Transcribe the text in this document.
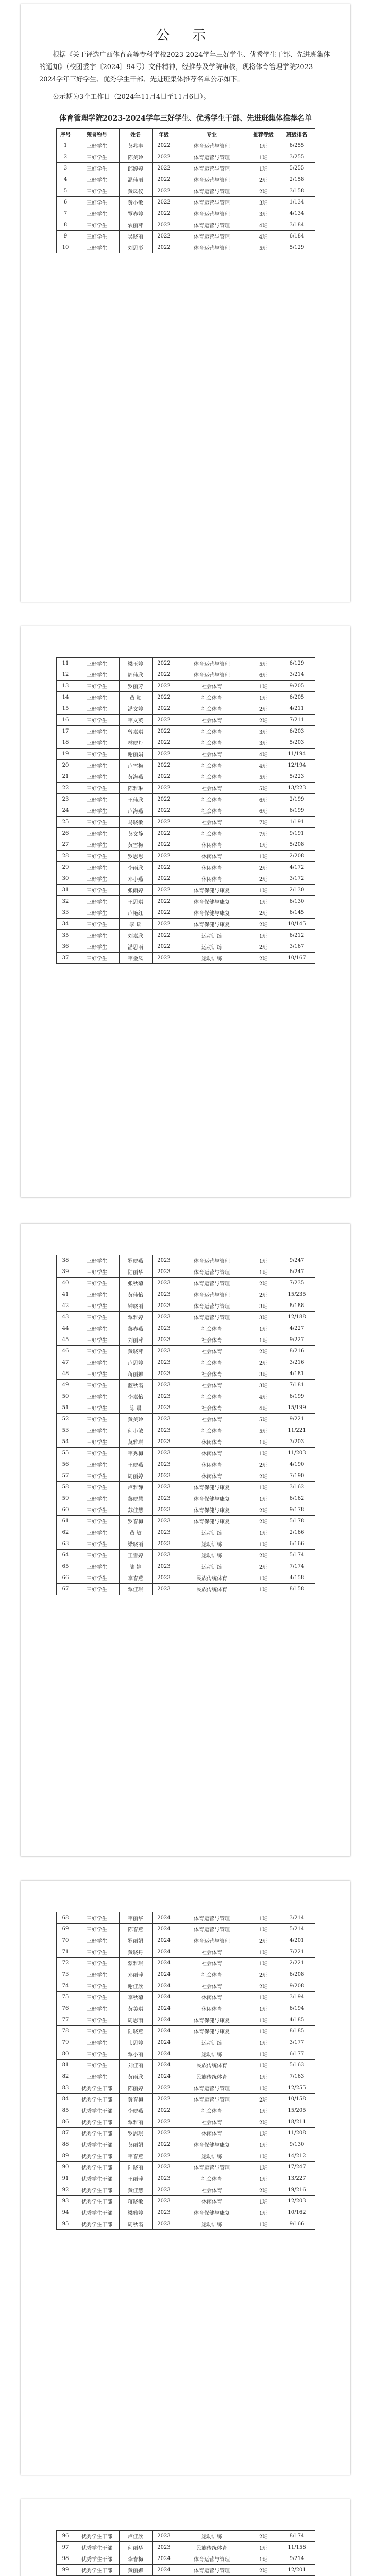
公 示
根据《关于评选广西体育高等专科学校2023-2024学年三好学生、优秀学生干部、先进班集体的通知》（校团委字〔2024〕94号）文件精神，经推荐及学院审核，现将体育管理学院2023-2024学年三好学生、优秀学生干部、先进班集体推荐名单公示如下。
公示期为3个工作日（2024年11月4日至11月6日）。
体育管理学院2023-2024学年三好学生、优秀学生干部、先进班集体推荐名单
序号	荣誉称号	姓名	年级	专业	推荐等级	班级排名
1	三好学生	莫兆丰	2022	体育运营与管理	1班	6/255
2	三好学生	陈美玲	2022	体育运营与管理	1班	3/255
3	三好学生	邱婷婷	2022	体育运营与管理	1班	5/255
4	三好学生	温佳丽	2022	体育运营与管理	2班	2/158
5	三好学生	黄凤仪	2022	体育运营与管理	2班	3/158
6	三好学生	黄小敏	2022	体育运营与管理	3班	1/134
7	三好学生	覃春婷	2022	体育运营与管理	3班	4/134
8	三好学生	农丽萍	2022	体育运营与管理	4班	3/184
9	三好学生	吴晓丽	2022	体育运营与管理	4班	6/184
10	三好学生	刘思彤	2022	体育运营与管理	5班	5/129
11	三好学生	梁玉婷	2022	体育运营与管理	5班	6/129
12	三好学生	周佳欣	2022	体育运营与管理	6班	3/214
13	三好学生	罗丽芳	2022	社会体育	1班	9/205
14	三好学生	黄 颖	2022	社会体育	1班	6/205
15	三好学生	潘文婷	2022	社会体育	2班	4/211
16	三好学生	韦文英	2022	社会体育	2班	7/211
17	三好学生	曾嘉琪	2022	社会体育	3班	6/203
18	三好学生	林晓丹	2022	社会体育	3班	5/203
19	三好学生	谢丽娟	2022	社会体育	4班	11/194
20	三好学生	卢雪梅	2022	社会体育	4班	12/194
21	三好学生	黄海燕	2022	社会体育	5班	5/223
22	三好学生	陈雅琳	2022	社会体育	5班	13/223
23	三好学生	王佳欣	2022	社会体育	6班	2/199
24	三好学生	卢海燕	2022	社会体育	6班	6/199
25	三好学生	马晓敏	2022	社会体育	7班	1/191
26	三好学生	莫文静	2022	社会体育	7班	9/191
27	三好学生	黄雪梅	2022	休闲体育	1班	5/208
28	三好学生	罗思思	2022	休闲体育	1班	2/208
29	三好学生	李雨欣	2022	休闲体育	2班	4/172
30	三好学生	邓小燕	2022	休闲体育	2班	3/172
31	三好学生	张雨婷	2022	体育保健与康复	1班	2/130
32	三好学生	王思琪	2022	体育保健与康复	1班	6/130
33	三好学生	卢艳红	2022	体育保健与康复	2班	6/145
34	三好学生	李 瑶	2022	体育保健与康复	2班	10/145
35	三好学生	刘嘉欣	2022	运动训练	1班	6/212
36	三好学生	潘思雨	2022	运动训练	2班	3/167
37	三好学生	韦金凤	2022	运动训练	2班	10/167
38	三好学生	罗晓燕	2023	体育运营与管理	1班	9/247
39	三好学生	陆丽华	2023	体育运营与管理	1班	6/247
40	三好学生	张秋菊	2023	体育运营与管理	2班	7/235
41	三好学生	黄佳怡	2023	体育运营与管理	2班	15/235
42	三好学生	钟晓丽	2023	体育运营与管理	3班	8/188
43	三好学生	覃雅婷	2023	体育运营与管理	3班	12/188
44	三好学生	黎春燕	2023	社会体育	1班	4/227
45	三好学生	刘丽萍	2023	社会体育	1班	9/227
46	三好学生	黄晓萍	2023	社会体育	2班	8/216
47	三好学生	卢思婷	2023	社会体育	2班	3/216
48	三好学生	蒋丽娜	2023	社会体育	3班	4/181
49	三好学生	蓝秋霞	2023	社会体育	3班	7/181
50	三好学生	李嘉怡	2023	社会体育	4班	6/199
51	三好学生	陈 晨	2023	社会体育	4班	15/199
52	三好学生	黄美玲	2023	社会体育	5班	9/221
53	三好学生	何小敏	2023	社会体育	5班	11/221
54	三好学生	莫雅琪	2023	休闲体育	1班	3/203
55	三好学生	韦秀梅	2023	休闲体育	1班	11/203
56	三好学生	王晓燕	2023	休闲体育	2班	4/190
57	三好学生	周丽婷	2023	休闲体育	2班	7/190
58	三好学生	卢雅静	2023	体育保健与康复	1班	3/162
59	三好学生	黎晓慧	2023	体育保健与康复	1班	6/162
60	三好学生	苏佳慧	2023	体育保健与康复	2班	9/178
61	三好学生	罗春梅	2023	体育保健与康复	2班	5/178
62	三好学生	黄 敏	2023	运动训练	1班	2/166
63	三好学生	梁晓丽	2023	运动训练	1班	6/166
64	三好学生	王雪婷	2023	运动训练	2班	5/174
65	三好学生	陆 婷	2023	运动训练	2班	7/174
66	三好学生	李春燕	2023	民族传统体育	1班	4/158
67	三好学生	覃佳琪	2023	民族传统体育	1班	8/158
68	三好学生	韦丽华	2024	体育运营与管理	1班	3/214
69	三好学生	陈春燕	2024	体育运营与管理	1班	5/214
70	三好学生	罗丽娟	2024	体育运营与管理	2班	4/201
71	三好学生	黄晓丹	2024	社会体育	1班	7/221
72	三好学生	蒙雅琪	2024	社会体育	1班	2/221
73	三好学生	邓丽萍	2024	社会体育	2班	6/208
74	三好学生	谢佳欣	2024	社会体育	2班	9/208
75	三好学生	李秋菊	2024	休闲体育	1班	3/194
76	三好学生	黄美琪	2024	休闲体育	1班	6/194
77	三好学生	周思雨	2024	体育保健与康复	1班	4/185
78	三好学生	陆晓燕	2024	体育保健与康复	1班	8/185
79	三好学生	韦思婷	2024	运动训练	1班	3/177
80	三好学生	覃小丽	2024	运动训练	1班	6/177
81	三好学生	刘佳丽	2024	民族传统体育	1班	5/163
82	三好学生	黄雨欣	2024	民族传统体育	1班	7/163
83	优秀学生干部	陈丽婷	2022	体育运营与管理	1班	12/255
84	优秀学生干部	黄春梅	2022	体育运营与管理	2班	10/158
85	优秀学生干部	李晓燕	2022	社会体育	1班	15/205
86	优秀学生干部	覃雅丽	2022	社会体育	2班	18/211
87	优秀学生干部	罗思琪	2022	休闲体育	1班	11/208
88	优秀学生干部	莫丽娟	2022	体育保健与康复	1班	9/130
89	优秀学生干部	韦春燕	2022	运动训练	1班	14/212
90	优秀学生干部	陆晓丽	2023	体育运营与管理	1班	17/247
91	优秀学生干部	王丽萍	2023	社会体育	1班	13/227
92	优秀学生干部	黄佳慧	2023	社会体育	2班	19/216
93	优秀学生干部	蒋晓敏	2023	休闲体育	1班	12/203
94	优秀学生干部	梁雅婷	2023	体育保健与康复	1班	10/162
95	优秀学生干部	周秋霞	2023	运动训练	1班	9/166
96	优秀学生干部	卢佳欣	2023	运动训练	2班	8/174
97	优秀学生干部	何丽华	2023	民族传统体育	1班	11/158
98	优秀学生干部	李春梅	2024	体育运营与管理	1班	9/214
99	优秀学生干部	黄丽娜	2024	体育运营与管理	2班	12/201
